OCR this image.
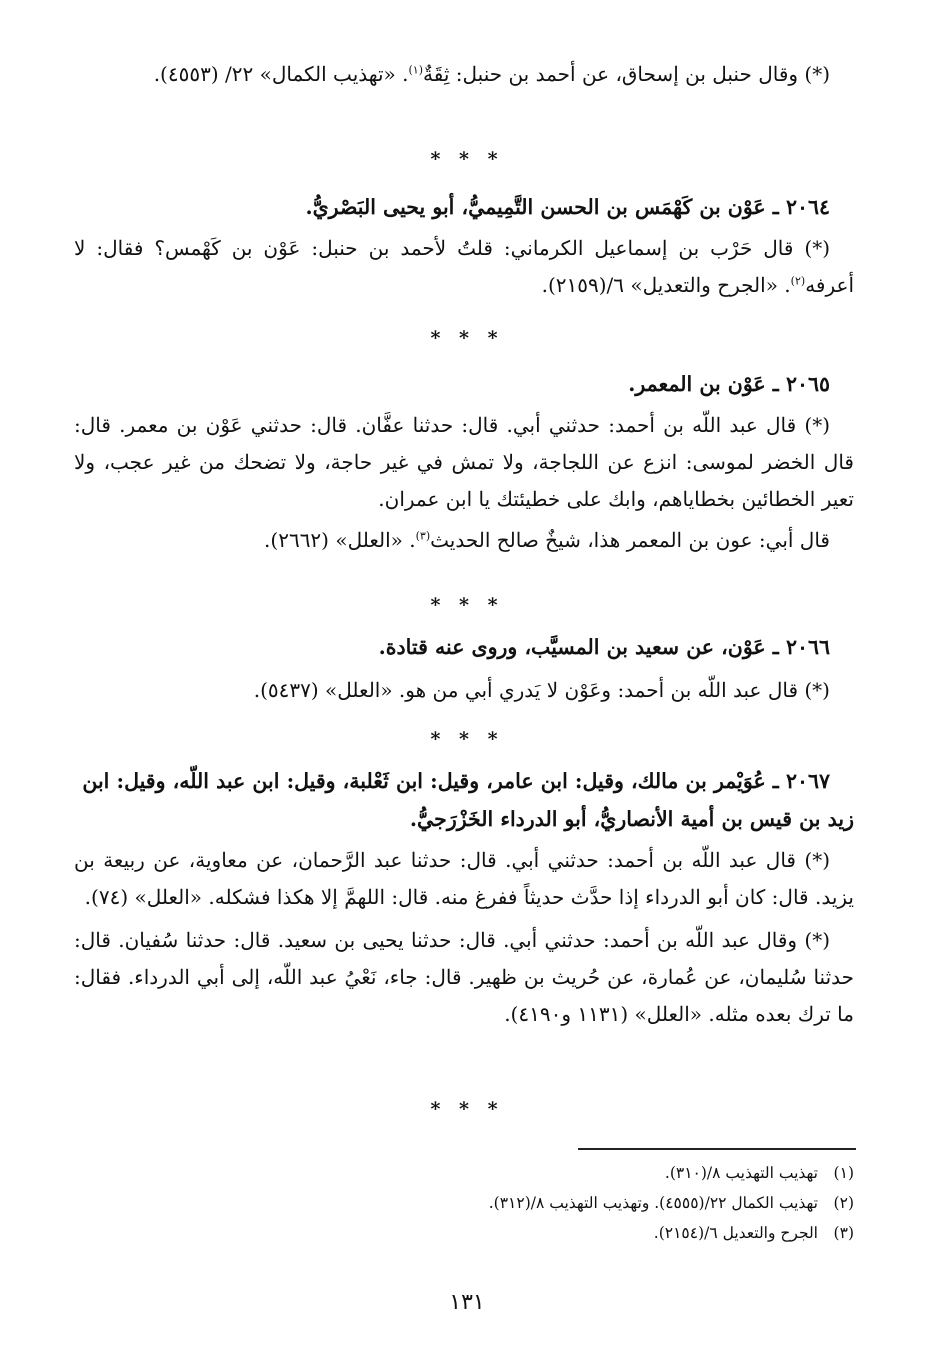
(*) وقال حنبل بن إسحاق، عن أحمد بن حنبل: ثِقَةٌ$^{(١)}$. «تهذيب الكمال» ٢٢/ (٤٥٥٣).

* * *

٢٠٦٤ ـ عَوْن بن كَهْمَس بن الحسن التَّمِيميُّ، أبو يحيى البَصْريُّ.

(*) قال حَرْب بن إسماعيل الكرماني: قلتُ لأحمد بن حنبل: عَوْن بن كَهْمس؟ فقال: لا أعرفه$^{(٢)}$. «الجرح والتعديل» ٦/(٢١٥٩).

* * *

٢٠٦٥ ـ عَوْن بن المعمر.

(*) قال عبد اللّه بن أحمد: حدثني أبي. قال: حدثنا عفَّان. قال: حدثني عَوْن بن معمر. قال: قال الخضر لموسى: انزع عن اللجاجة، ولا تمش في غير حاجة، ولا تضحك من غير عجب، ولا تعير الخطائين بخطاياهم، وابك على خطيئتك يا ابن عمران.

قال أبي: عون بن المعمر هذا، شيخٌ صالح الحديث$^{(٣)}$. «العلل» (٢٦٦٢).

* * *

٢٠٦٦ ـ عَوْن، عن سعيد بن المسيَّب، وروى عنه قتادة.

(*) قال عبد اللّه بن أحمد: وعَوْن لا يَدري أبي من هو. «العلل» (٥٤٣٧).

* * *

٢٠٦٧ ـ عُوَيْمر بن مالك، وقيل: ابن عامر، وقيل: ابن ثَعْلبة، وقيل: ابن عبد اللّه، وقيل: ابن زيد بن قيس بن أمية الأنصاريُّ، أبو الدرداء الخَزْرَجيُّ.

(*) قال عبد اللّه بن أحمد: حدثني أبي. قال: حدثنا عبد الرَّحمان، عن معاوية، عن ربيعة بن يزيد. قال: كان أبو الدرداء إذا حدَّث حديثاً ففرغ منه. قال: اللهمَّ إلا هكذا فشكله. «العلل» (٧٤).

(*) وقال عبد اللّه بن أحمد: حدثني أبي. قال: حدثنا يحيى بن سعيد. قال: حدثنا سُفيان. قال: حدثنا سُليمان، عن عُمارة، عن حُريث بن ظهير. قال: جاء، نَعْيُ عبد اللّه، إلى أبي الدرداء. فقال: ما ترك بعده مثله. «العلل» (١١٣١ و٤١٩٠).

* * *
(١)تهذيب التهذيب ٨/(٣١٠).
(٢)تهذيب الكمال ٢٢/(٤٥٥٥). وتهذيب التهذيب ٨/(٣١٢).
(٣)الجرح والتعديل ٦/(٢١٥٤).
١٣١
